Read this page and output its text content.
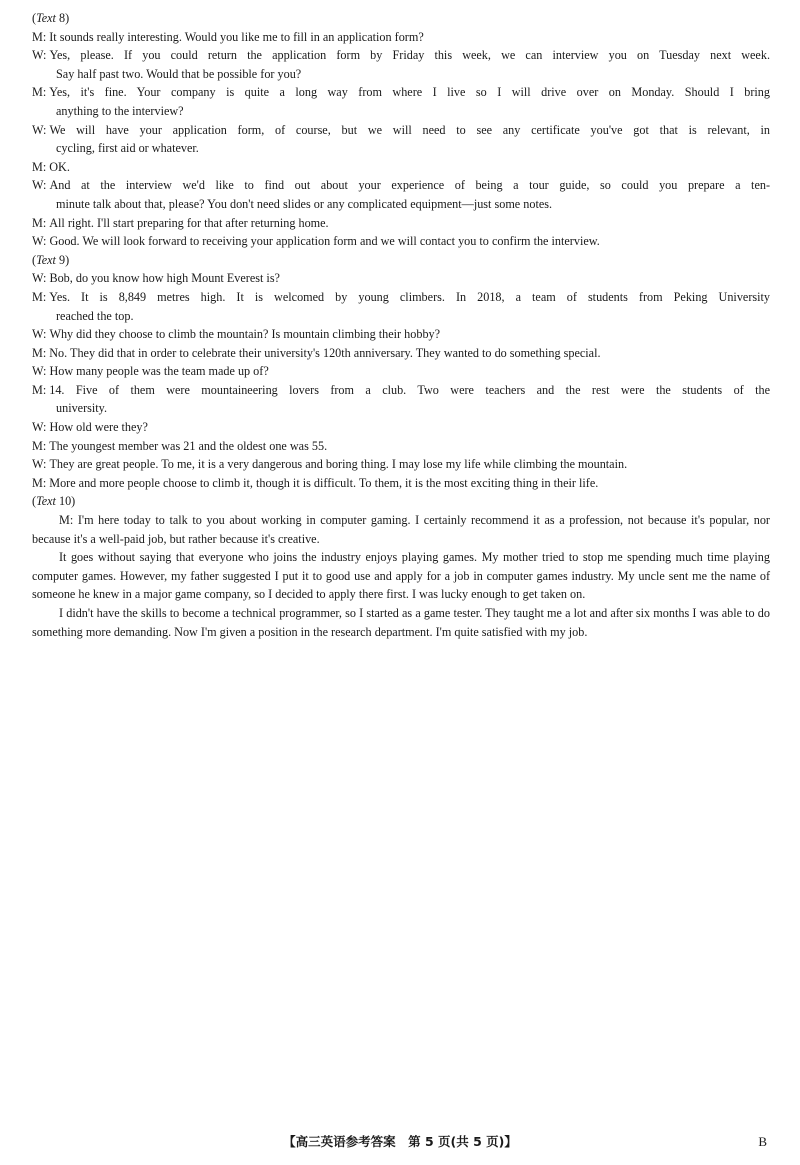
(Text 8)
M: It sounds really interesting. Would you like me to fill in an application form?
W: Yes, please. If you could return the application form by Friday this week, we can interview you on Tuesday next week.
Say half past two. Would that be possible for you?
M: Yes, it's fine. Your company is quite a long way from where I live so I will drive over on Monday. Should I bring
anything to the interview?
W: We will have your application form, of course, but we will need to see any certificate you've got that is relevant, in
cycling, first aid or whatever.
M: OK.
W: And at the interview we'd like to find out about your experience of being a tour guide, so could you prepare a ten-
minute talk about that, please? You don't need slides or any complicated equipment—just some notes.
M: All right. I'll start preparing for that after returning home.
W: Good. We will look forward to receiving your application form and we will contact you to confirm the interview.
(Text 9)
W: Bob, do you know how high Mount Everest is?
M: Yes. It is 8,849 metres high. It is welcomed by young climbers. In 2018, a team of students from Peking University
reached the top.
W: Why did they choose to climb the mountain? Is mountain climbing their hobby?
M: No. They did that in order to celebrate their university's 120th anniversary. They wanted to do something special.
W: How many people was the team made up of?
M: 14. Five of them were mountaineering lovers from a club. Two were teachers and the rest were the students of the
university.
W: How old were they?
M: The youngest member was 21 and the oldest one was 55.
W: They are great people. To me, it is a very dangerous and boring thing. I may lose my life while climbing the mountain.
M: More and more people choose to climb it, though it is difficult. To them, it is the most exciting thing in their life.
(Text 10)
M: I'm here today to talk to you about working in computer gaming. I certainly recommend it as a profession, not because it's popular, nor because it's a well-paid job, but rather because it's creative.
It goes without saying that everyone who joins the industry enjoys playing games. My mother tried to stop me spending much time playing computer games. However, my father suggested I put it to good use and apply for a job in computer games industry. My uncle sent me the name of someone he knew in a major game company, so I decided to apply there first. I was lucky enough to get taken on.
I didn't have the skills to become a technical programmer, so I started as a game tester. They taught me a lot and after six months I was able to do something more demanding. Now I'm given a position in the research department. I'm quite satisfied with my job.
【高三英语参考答案　第 5 页(共 5 页)】	B
